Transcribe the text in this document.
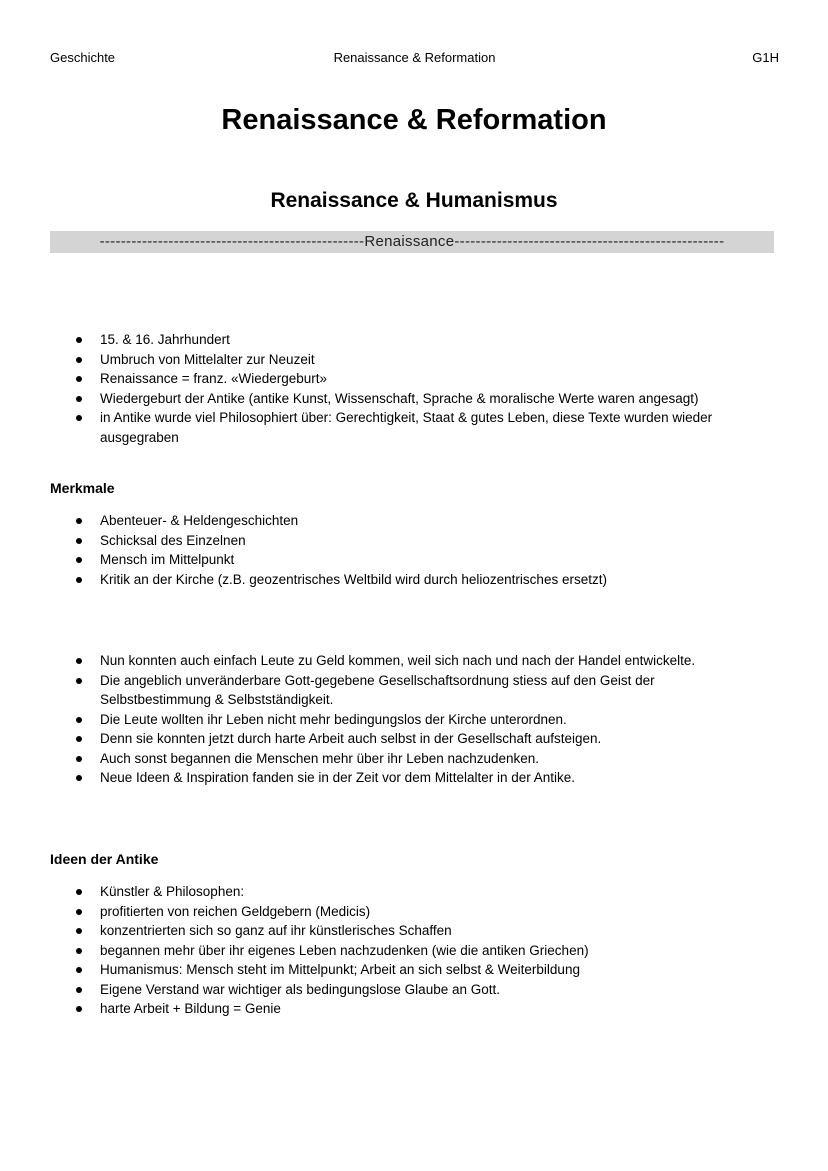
Geschichte	Renaissance & Reformation	G1H
Renaissance & Reformation
Renaissance & Humanismus
--------------------------------------------------Renaissance---------------------------------------------------
15. & 16. Jahrhundert
Umbruch von Mittelalter zur Neuzeit
Renaissance = franz. «Wiedergeburt»
Wiedergeburt der Antike (antike Kunst, Wissenschaft, Sprache & moralische Werte waren angesagt)
in Antike wurde viel Philosophiert über: Gerechtigkeit, Staat & gutes Leben, diese Texte wurden wieder ausgegraben
Merkmale
Abenteuer- & Heldengeschichten
Schicksal des Einzelnen
Mensch im Mittelpunkt
Kritik an der Kirche (z.B. geozentrisches Weltbild wird durch heliozentrisches ersetzt)
Nun konnten auch einfach Leute zu Geld kommen, weil sich nach und nach der Handel entwickelte.
Die angeblich unveränderbare Gott-gegebene Gesellschaftsordnung stiess auf den Geist der Selbstbestimmung & Selbstständigkeit.
Die Leute wollten ihr Leben nicht mehr bedingungslos der Kirche unterordnen.
Denn sie konnten jetzt durch harte Arbeit auch selbst in der Gesellschaft aufsteigen.
Auch sonst begannen die Menschen mehr über ihr Leben nachzudenken.
Neue Ideen & Inspiration fanden sie in der Zeit vor dem Mittelalter in der Antike.
Ideen der Antike
Künstler & Philosophen:
profitierten von reichen Geldgebern (Medicis)
konzentrierten sich so ganz auf ihr künstlerisches Schaffen
begannen mehr über ihr eigenes Leben nachzudenken (wie die antiken Griechen)
Humanismus: Mensch steht im Mittelpunkt; Arbeit an sich selbst & Weiterbildung
Eigene Verstand war wichtiger als bedingungslose Glaube an Gott.
harte Arbeit + Bildung = Genie
